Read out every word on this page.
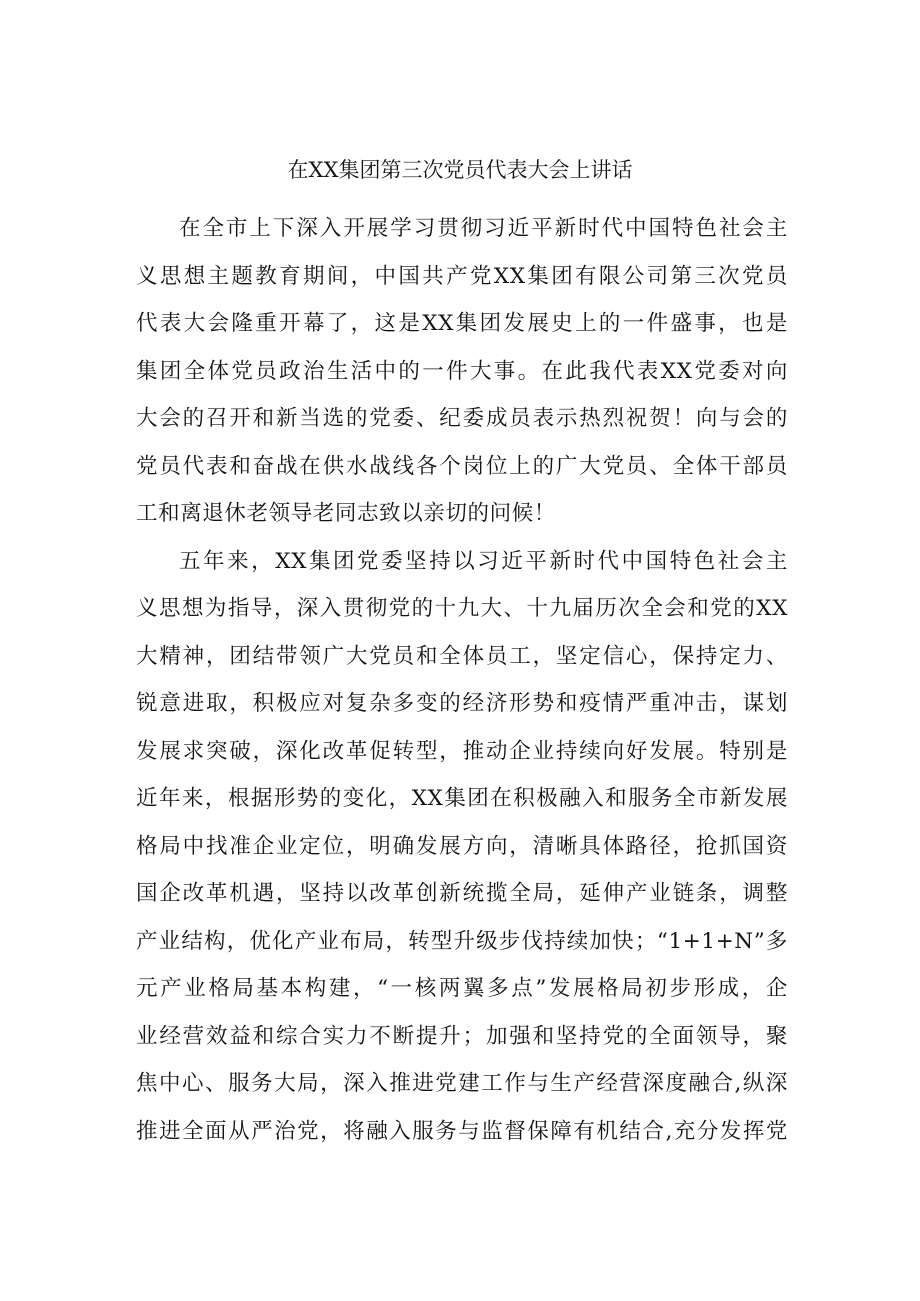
在XX集团第三次党员代表大会上讲话
在全市上下深入开展学习贯彻习近平新时代中国特色社会主
义思想主题教育期间，中国共产党XX集团有限公司第三次党员
代表大会隆重开幕了，这是XX集团发展史上的一件盛事，也是
集团全体党员政治生活中的一件大事。在此我代表XX党委对向
大会的召开和新当选的党委、纪委成员表示热烈祝贺！向与会的
党员代表和奋战在供水战线各个岗位上的广大党员、全体干部员
工和离退休老领导老同志致以亲切的问候！
五年来，XX集团党委坚持以习近平新时代中国特色社会主
义思想为指导，深入贯彻党的十九大、十九届历次全会和党的XX
大精神，团结带领广大党员和全体员工，坚定信心，保持定力、
锐意进取，积极应对复杂多变的经济形势和疫情严重冲击，谋划
发展求突破，深化改革促转型，推动企业持续向好发展。特别是
近年来，根据形势的变化，XX集团在积极融入和服务全市新发展
格局中找准企业定位，明确发展方向，清晰具体路径，抢抓国资
国企改革机遇，坚持以改革创新统揽全局，延伸产业链条，调整
产业结构，优化产业布局，转型升级步伐持续加快；“1+1+N”多
元产业格局基本构建，“一核两翼多点”发展格局初步形成，企
业经营效益和综合实力不断提升；加强和坚持党的全面领导，聚
焦中心、服务大局，深入推进党建工作与生产经营深度融合,纵深
推进全面从严治党，将融入服务与监督保障有机结合,充分发挥党
